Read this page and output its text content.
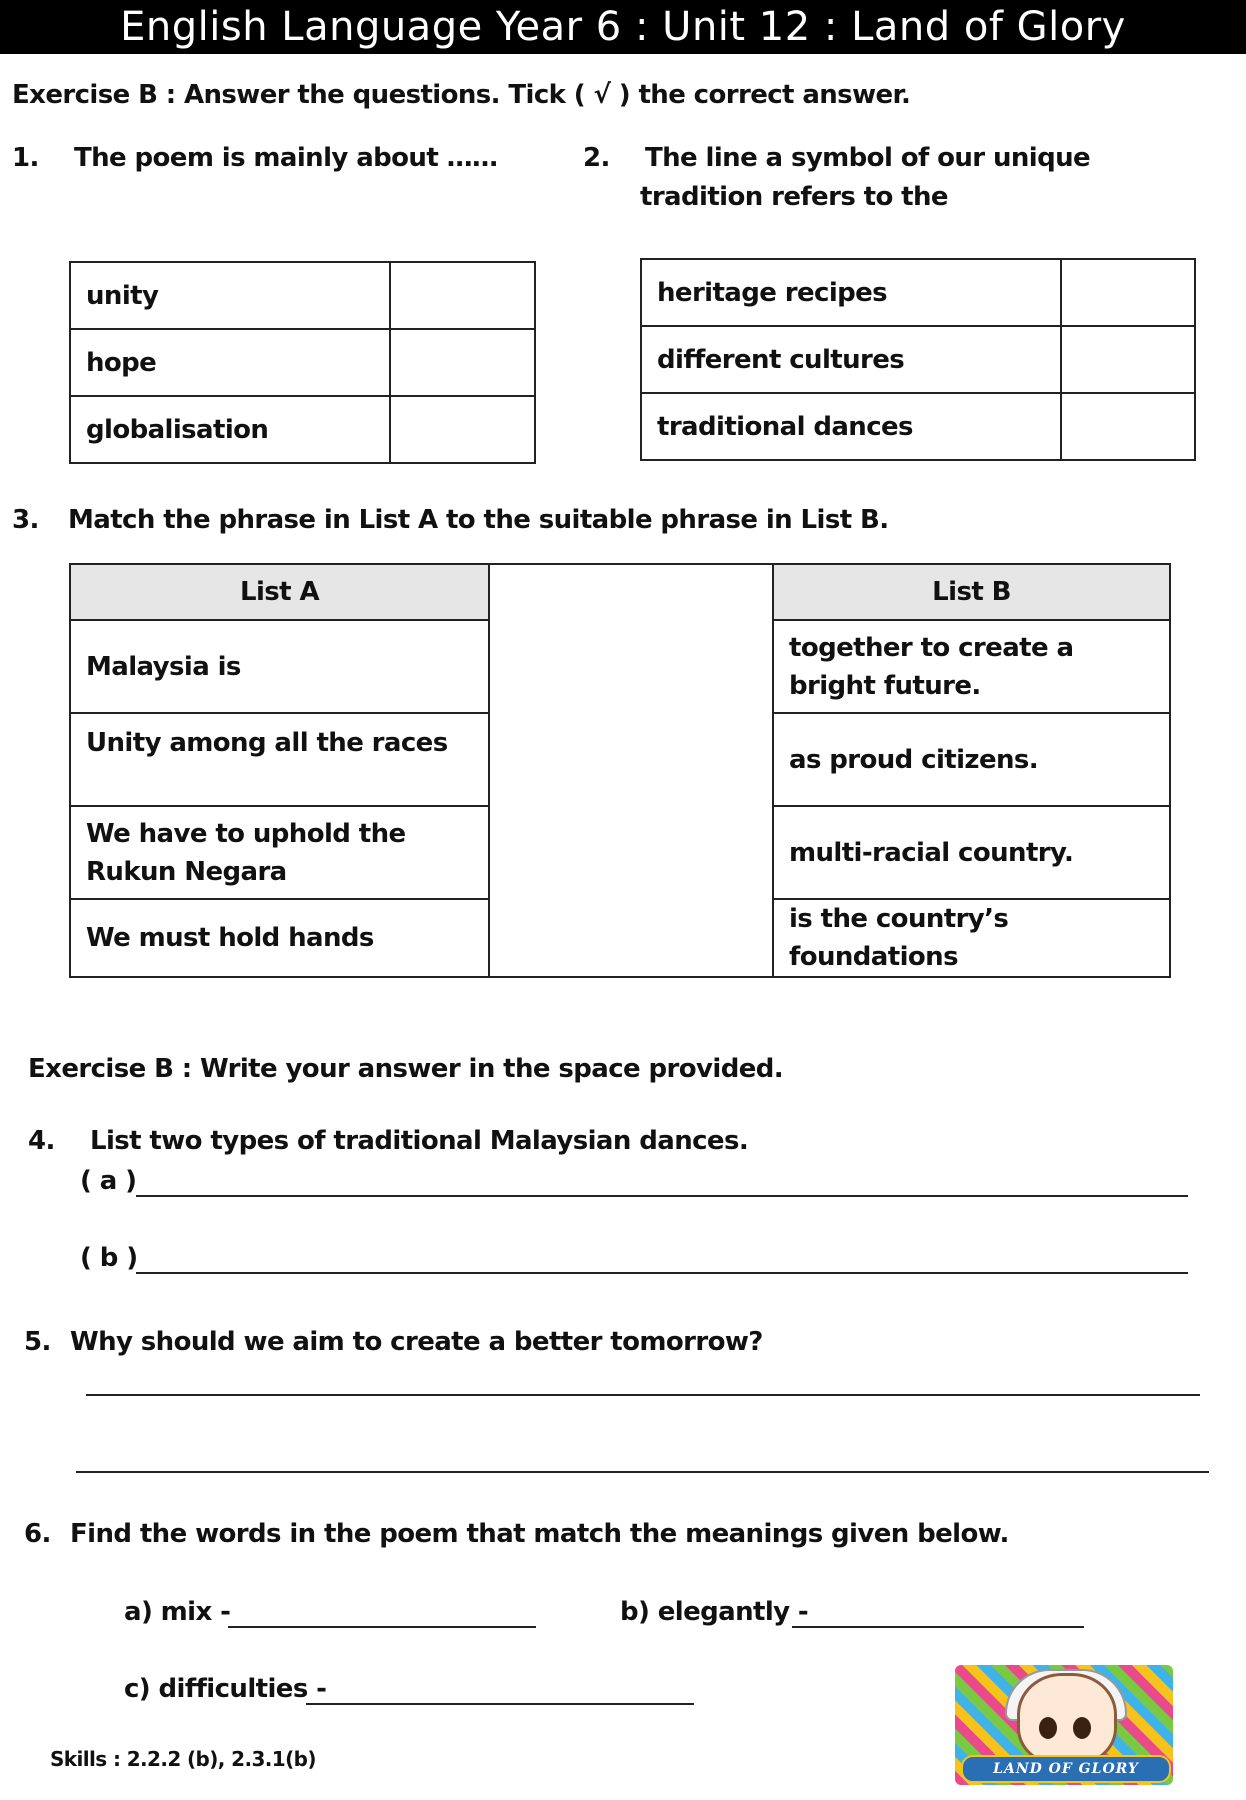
English Language Year 6 : Unit 12 : Land of Glory
Exercise B : Answer the questions. Tick ( √ ) the correct answer.
1. The poem is mainly about ……
unity	
hope	
globalisation	
2. The line a symbol of our unique
tradition refers to the
heritage recipes	
different cultures	
traditional dances	
3. Match the phrase in List A to the suitable phrase in List B.
List A		List B
Malaysia is		together to create a bright future.
Unity among all the races		as proud citizens.
We have to uphold the Rukun Negara		multi-racial country.
We must hold hands		is the country’s foundations
Exercise B : Write your answer in the space provided.
4. List two types of traditional Malaysian dances.
( a )
( b )
5. Why should we aim to create a better tomorrow?
6. Find the words in the poem that match the meanings given below.
a) mix -	b) elegantly -
c) difficulties -
Skills : 2.2.2 (b), 2.3.1(b)	LAND OF GLORY
